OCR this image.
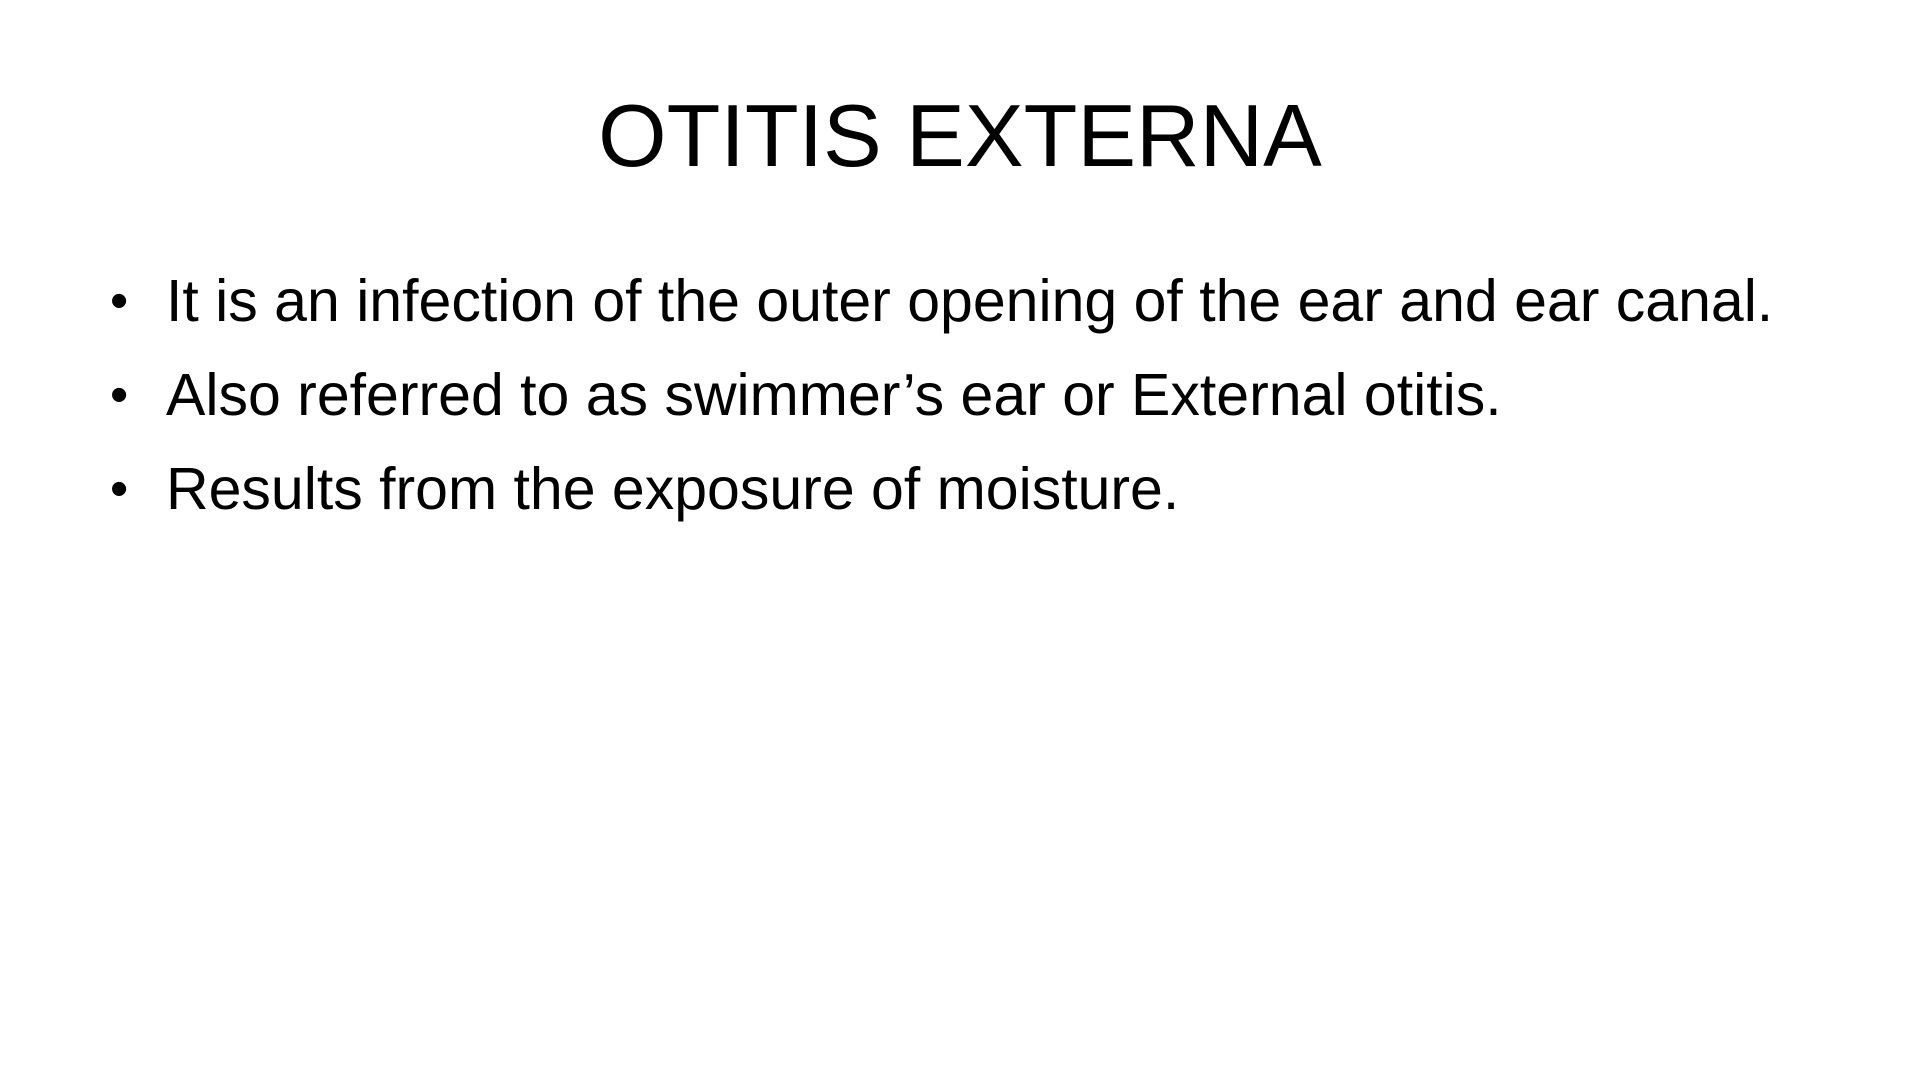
OTITIS EXTERNA
• It is an infection of the outer opening of the ear and ear canal.
• Also referred to as swimmer’s ear or External otitis.
• Results from the exposure of moisture.
